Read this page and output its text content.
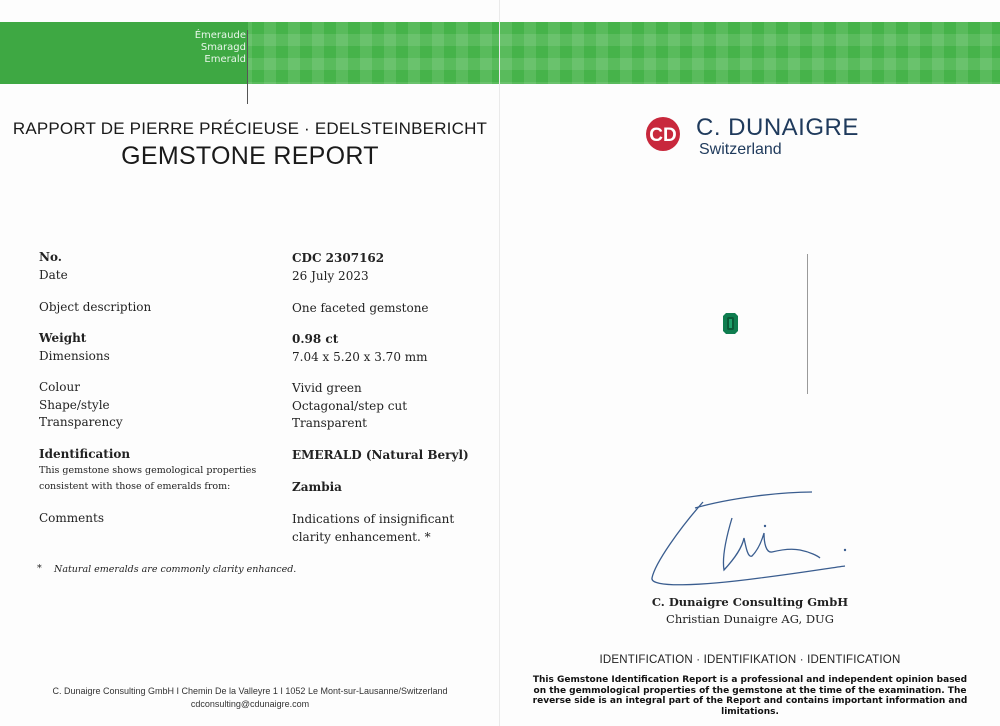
Émeraude
Smaragd
Emerald
RAPPORT DE PIERRE PRÉCIEUSE · EDELSTEINBERICHT
GEMSTONE REPORT
No.	CDC 2307162
Date	26 July 2023
Object description	One faceted gemstone
Weight	0.98 ct
Dimensions	7.04 x 5.20 x 3.70 mm
Colour	Vivid green
Shape/style	Octagonal/step cut
Transparency	Transparent
Identification	EMERALD (Natural Beryl)
This gemstone shows gemological properties
consistent with those of emeralds from:	Zambia
Comments	Indications of insignificant
clarity enhancement. *
* Natural emeralds are commonly clarity enhanced.
C. Dunaigre Consulting GmbH I Chemin De la Valleyre 1 I 1052 Le Mont-sur-Lausanne/Switzerland
cdconsulting@cdunaigre.com
CD C. DUNAIGRE
Switzerland
C. Dunaigre Consulting GmbH
Christian Dunaigre AG, DUG
IDENTIFICATION · IDENTIFIKATION · IDENTIFICATION
This Gemstone Identification Report is a professional and independent opinion based on the gemmological properties of the gemstone at the time of the examination. The reverse side is an integral part of the Report and contains important information and limitations.
